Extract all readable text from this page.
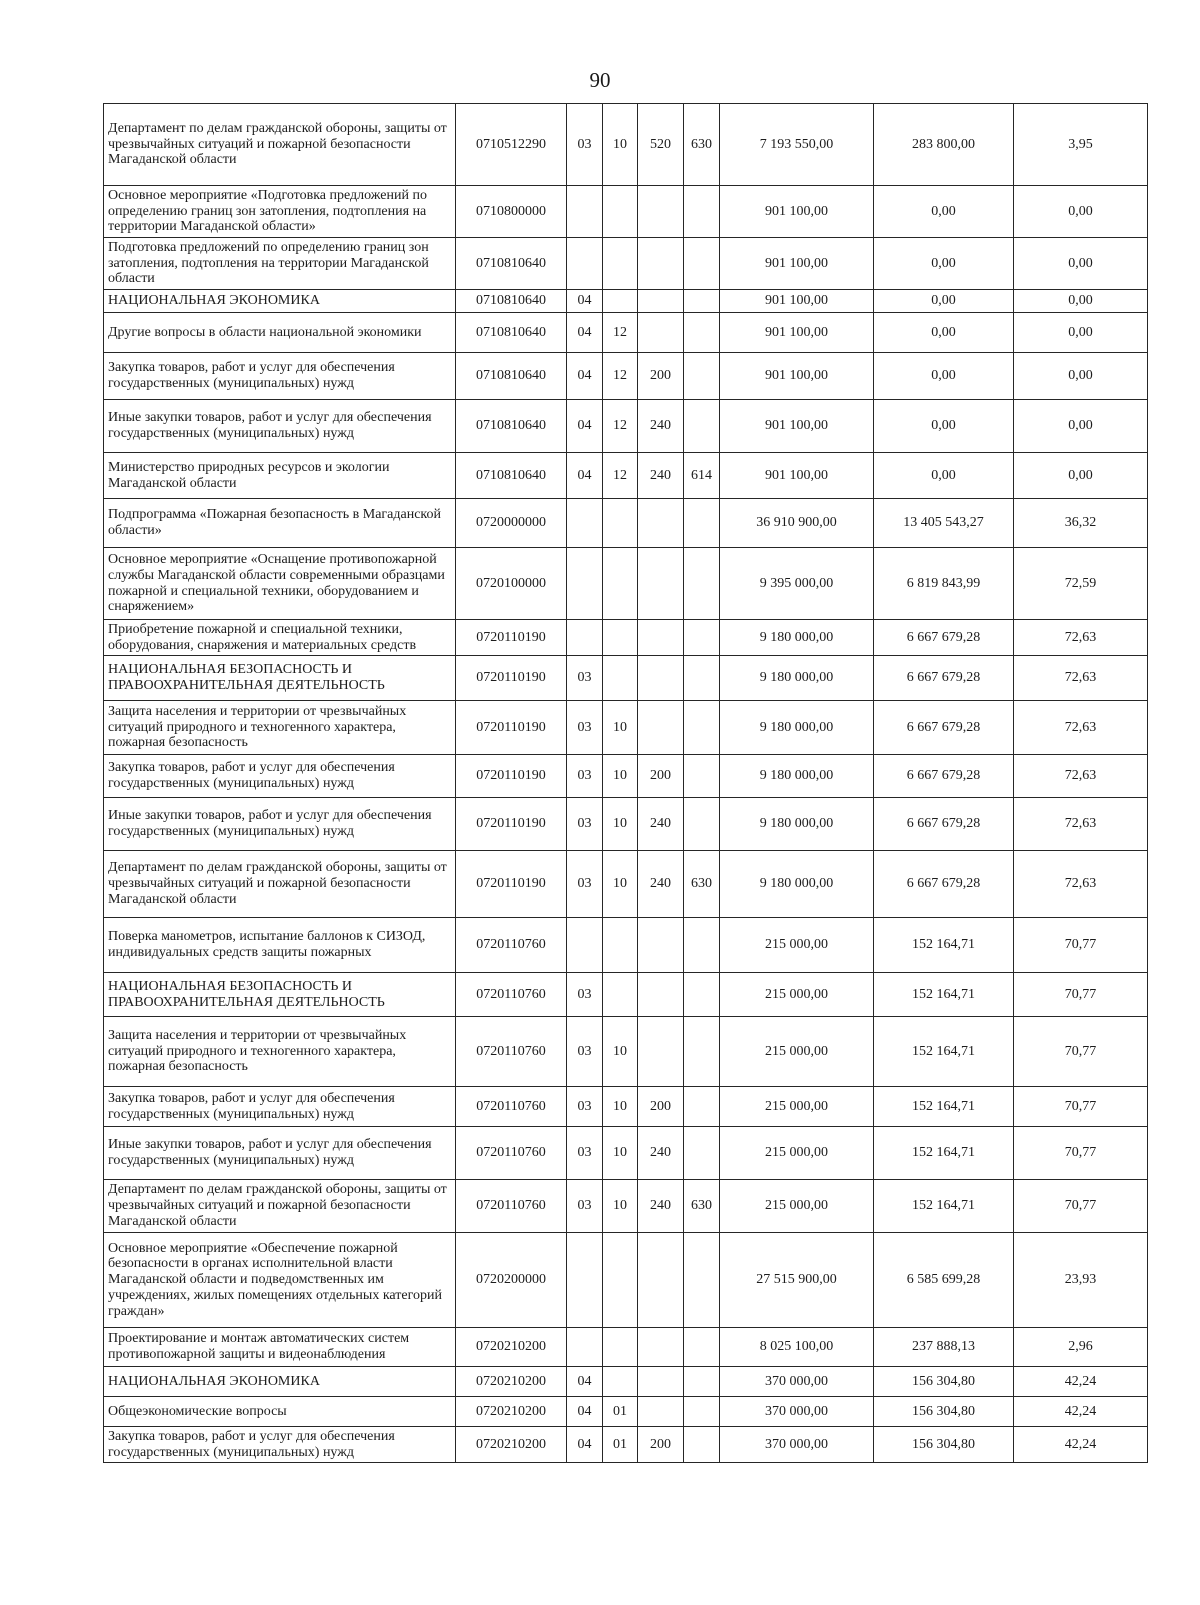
90
Департамент по делам гражданской обороны, защиты от чрезвычайных ситуаций и пожарной безопасности Магаданской области	0710512290	03	10	520	630	7 193 550,00	283 800,00	3,95
Основное мероприятие «Подготовка предложений по определению границ зон затопления, подтопления на территории Магаданской области»	0710800000					901 100,00	0,00	0,00
Подготовка предложений по определению границ зон затопления, подтопления на территории Магаданской области	0710810640					901 100,00	0,00	0,00
НАЦИОНАЛЬНАЯ ЭКОНОМИКА	0710810640	04				901 100,00	0,00	0,00
Другие вопросы в области национальной экономики	0710810640	04	12			901 100,00	0,00	0,00
Закупка товаров, работ и услуг для обеспечения государственных (муниципальных) нужд	0710810640	04	12	200		901 100,00	0,00	0,00
Иные закупки товаров, работ и услуг для обеспечения государственных (муниципальных) нужд	0710810640	04	12	240		901 100,00	0,00	0,00
Министерство природных ресурсов и экологии Магаданской области	0710810640	04	12	240	614	901 100,00	0,00	0,00
Подпрограмма «Пожарная безопасность в Магаданской области»	0720000000					36 910 900,00	13 405 543,27	36,32
Основное мероприятие «Оснащение противопожарной службы Магаданской области современными образцами пожарной и специальной техники, оборудованием и снаряжением»	0720100000					9 395 000,00	6 819 843,99	72,59
Приобретение пожарной и специальной техники, оборудования, снаряжения и материальных средств	0720110190					9 180 000,00	6 667 679,28	72,63
НАЦИОНАЛЬНАЯ БЕЗОПАСНОСТЬ И ПРАВООХРАНИТЕЛЬНАЯ ДЕЯТЕЛЬНОСТЬ	0720110190	03				9 180 000,00	6 667 679,28	72,63
Защита населения и территории от чрезвычайных ситуаций природного и техногенного характера, пожарная безопасность	0720110190	03	10			9 180 000,00	6 667 679,28	72,63
Закупка товаров, работ и услуг для обеспечения государственных (муниципальных) нужд	0720110190	03	10	200		9 180 000,00	6 667 679,28	72,63
Иные закупки товаров, работ и услуг для обеспечения государственных (муниципальных) нужд	0720110190	03	10	240		9 180 000,00	6 667 679,28	72,63
Департамент по делам гражданской обороны, защиты от чрезвычайных ситуаций и пожарной безопасности Магаданской области	0720110190	03	10	240	630	9 180 000,00	6 667 679,28	72,63
Поверка манометров, испытание баллонов к СИЗОД, индивидуальных средств защиты пожарных	0720110760					215 000,00	152 164,71	70,77
НАЦИОНАЛЬНАЯ БЕЗОПАСНОСТЬ И ПРАВООХРАНИТЕЛЬНАЯ ДЕЯТЕЛЬНОСТЬ	0720110760	03				215 000,00	152 164,71	70,77
Защита населения и территории от чрезвычайных ситуаций природного и техногенного характера, пожарная безопасность	0720110760	03	10			215 000,00	152 164,71	70,77
Закупка товаров, работ и услуг для обеспечения государственных (муниципальных) нужд	0720110760	03	10	200		215 000,00	152 164,71	70,77
Иные закупки товаров, работ и услуг для обеспечения государственных (муниципальных) нужд	0720110760	03	10	240		215 000,00	152 164,71	70,77
Департамент по делам гражданской обороны, защиты от чрезвычайных ситуаций и пожарной безопасности Магаданской области	0720110760	03	10	240	630	215 000,00	152 164,71	70,77
Основное мероприятие «Обеспечение пожарной безопасности в органах исполнительной власти Магаданской области и подведомственных им учреждениях, жилых помещениях отдельных категорий граждан»	0720200000					27 515 900,00	6 585 699,28	23,93
Проектирование и монтаж автоматических систем противопожарной защиты и видеонаблюдения	0720210200					8 025 100,00	237 888,13	2,96
НАЦИОНАЛЬНАЯ ЭКОНОМИКА	0720210200	04				370 000,00	156 304,80	42,24
Общеэкономические вопросы	0720210200	04	01			370 000,00	156 304,80	42,24
Закупка товаров, работ и услуг для обеспечения государственных (муниципальных) нужд	0720210200	04	01	200		370 000,00	156 304,80	42,24
